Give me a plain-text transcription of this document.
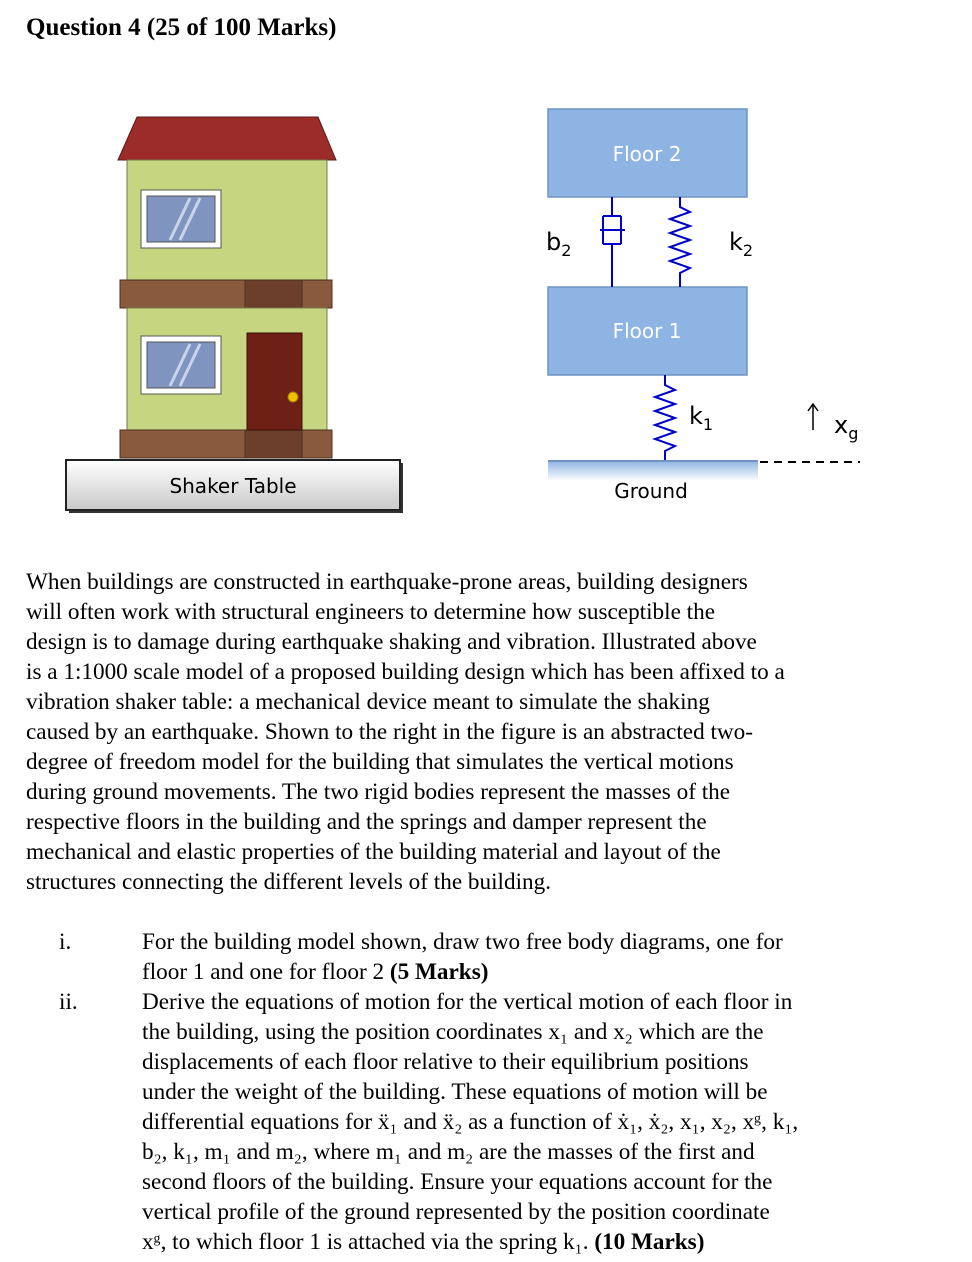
Question 4 (25 of 100 Marks)
Shaker Table
Floor 2
Floor 1
$b_2$	$k_2$
$k_1$	$x_g$
Ground
When buildings are constructed in earthquake-prone areas, building designers
will often work with structural engineers to determine how susceptible the
design is to damage during earthquake shaking and vibration. Illustrated above
is a 1:1000 scale model of a proposed building design which has been affixed to a
vibration shaker table: a mechanical device meant to simulate the shaking
caused by an earthquake. Shown to the right in the figure is an abstracted two-
degree of freedom model for the building that simulates the vertical motions
during ground movements. The two rigid bodies represent the masses of the
respective floors in the building and the springs and damper represent the
mechanical and elastic properties of the building material and layout of the
structures connecting the different levels of the building.
i.	For the building model shown, draw two free body diagrams, one for
floor 1 and one for floor 2 (5 Marks)
ii.	Derive the equations of motion for the vertical motion of each floor in
the building, using the position coordinates x₁ and x₂ which are the
displacements of each floor relative to their equilibrium positions
under the weight of the building. These equations of motion will be
differential equations for ẍ₁ and ẍ₂ as a function of ẋ₁, ẋ₂, x₁, x₂, xᵍ, k₁,
b₂, k₁, m₁ and m₂, where m₁ and m₂ are the masses of the first and
second floors of the building. Ensure your equations account for the
vertical profile of the ground represented by the position coordinate
xᵍ, to which floor 1 is attached via the spring k₁. (10 Marks)
